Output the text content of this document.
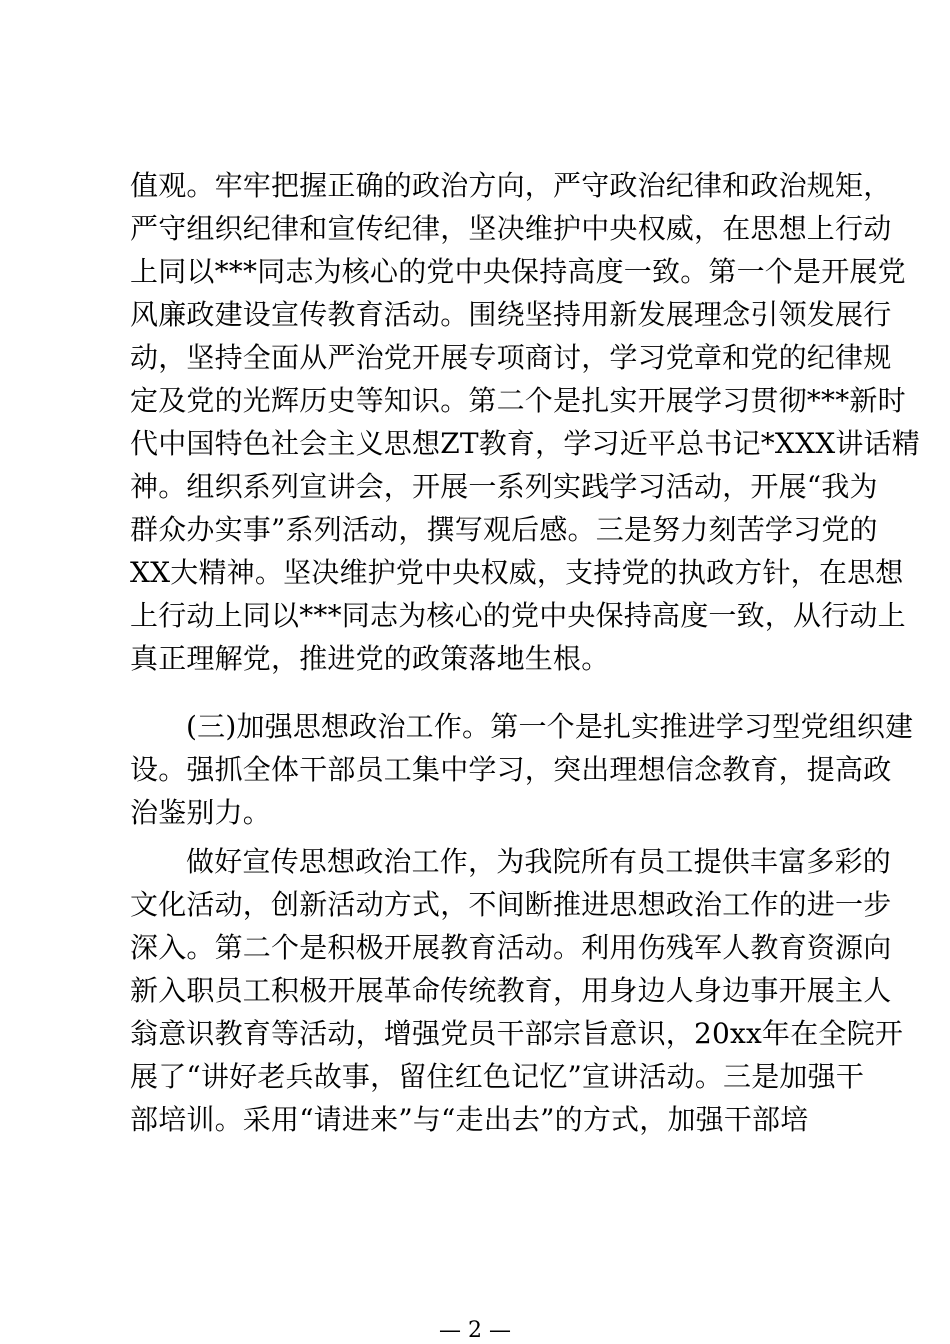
值观。牢牢把握正确的政治方向，严守政治纪律和政治规矩，
严守组织纪律和宣传纪律，坚决维护中央权威，在思想上行动
上同以***同志为核心的党中央保持高度一致。第一个是开展党
风廉政建设宣传教育活动。围绕坚持用新发展理念引领发展行
动，坚持全面从严治党开展专项商讨，学习党章和党的纪律规
定及党的光辉历史等知识。第二个是扎实开展学习贯彻***新时
代中国特色社会主义思想ZT教育，学习近平总书记*XXX讲话精
神。组织系列宣讲会，开展一系列实践学习活动，开展“我为
群众办实事”系列活动，撰写观后感。三是努力刻苦学习党的
XX大精神。坚决维护党中央权威，支持党的执政方针，在思想
上行动上同以***同志为核心的党中央保持高度一致，从行动上
真正理解党，推进党的政策落地生根。
(三)加强思想政治工作。第一个是扎实推进学习型党组织建
设。强抓全体干部员工集中学习，突出理想信念教育，提高政
治鉴别力。
做好宣传思想政治工作，为我院所有员工提供丰富多彩的
文化活动，创新活动方式，不间断推进思想政治工作的进一步
深入。第二个是积极开展教育活动。利用伤残军人教育资源向
新入职员工积极开展革命传统教育，用身边人身边事开展主人
翁意识教育等活动，增强党员干部宗旨意识，20xx年在全院开
展了“讲好老兵故事，留住红色记忆”宣讲活动。三是加强干
部培训。采用“请进来”与“走出去”的方式，加强干部培
— 2 —
